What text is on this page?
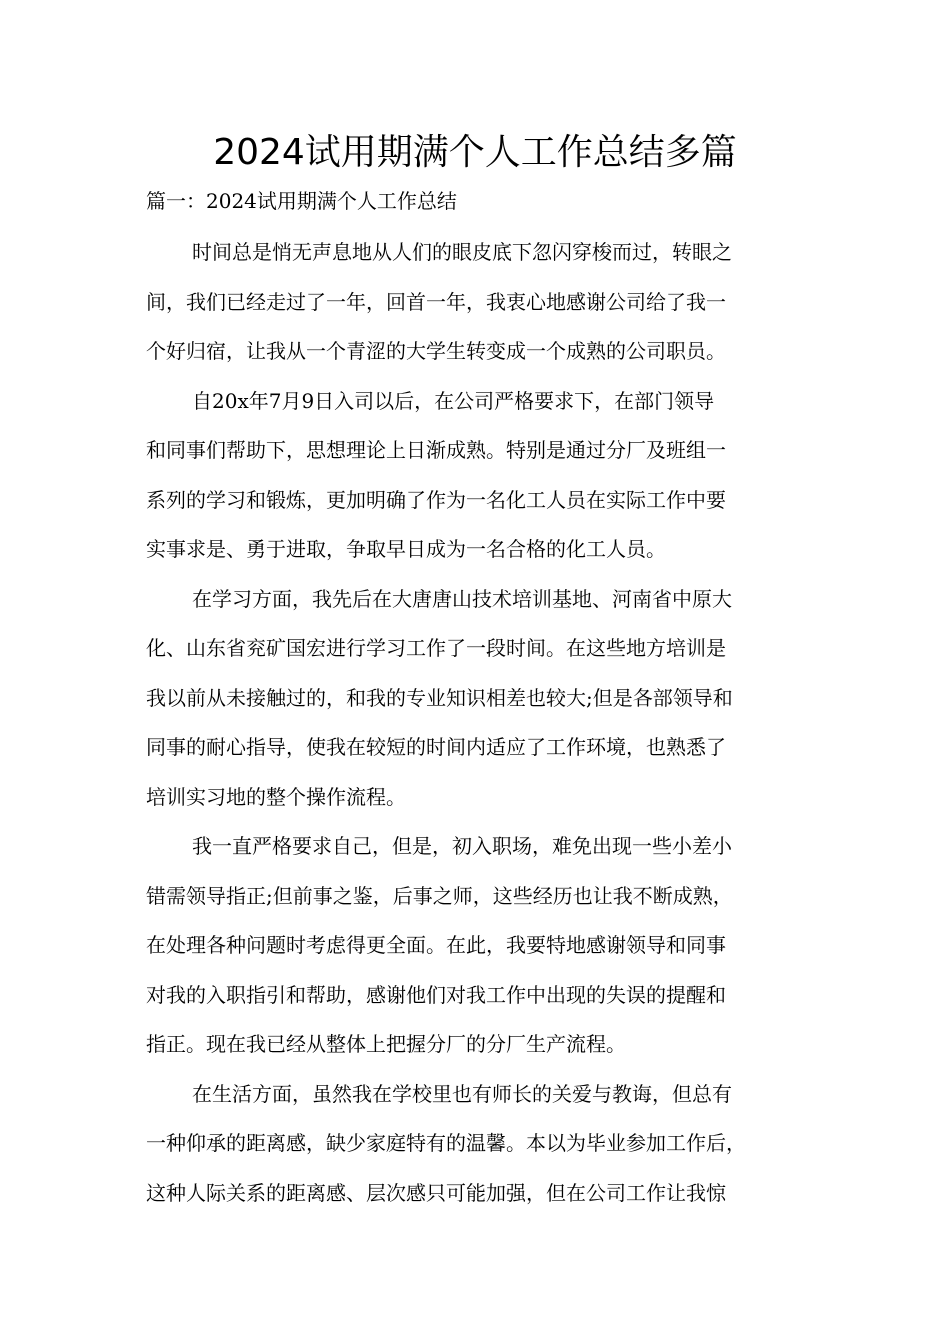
2024试用期满个人工作总结多篇

篇一：2024试用期满个人工作总结

时间总是悄无声息地从人们的眼皮底下忽闪穿梭而过，转眼之

间，我们已经走过了一年，回首一年，我衷心地感谢公司给了我一

个好归宿，让我从一个青涩的大学生转变成一个成熟的公司职员。

自20x年7月9日入司以后，在公司严格要求下，在部门领导

和同事们帮助下，思想理论上日渐成熟。特别是通过分厂及班组一

系列的学习和锻炼，更加明确了作为一名化工人员在实际工作中要

实事求是、勇于进取，争取早日成为一名合格的化工人员。

在学习方面，我先后在大唐唐山技术培训基地、河南省中原大

化、山东省兖矿国宏进行学习工作了一段时间。在这些地方培训是

我以前从未接触过的，和我的专业知识相差也较大;但是各部领导和

同事的耐心指导，使我在较短的时间内适应了工作环境，也熟悉了

培训实习地的整个操作流程。

我一直严格要求自己，但是，初入职场，难免出现一些小差小

错需领导指正;但前事之鉴，后事之师，这些经历也让我不断成熟，

在处理各种问题时考虑得更全面。在此，我要特地感谢领导和同事

对我的入职指引和帮助，感谢他们对我工作中出现的失误的提醒和

指正。现在我已经从整体上把握分厂的分厂生产流程。

在生活方面，虽然我在学校里也有师长的关爱与教诲，但总有

一种仰承的距离感，缺少家庭特有的温馨。本以为毕业参加工作后，

这种人际关系的距离感、层次感只可能加强，但在公司工作让我惊
